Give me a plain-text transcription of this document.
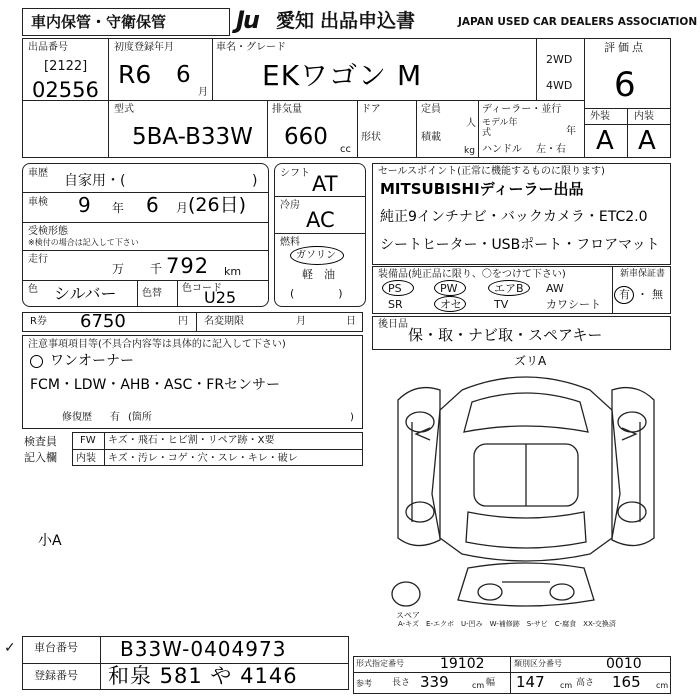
車内保管・守衛保管	Ju 愛知 出品申込書	JAPAN USED CAR DEALERS ASSOCIATION
出品番号
[2122]
02556
初度登録年月
R6 6
月
車名・グレード
EKワゴン M	2WD
4WD
評価点
6
型式
5BA-B33W
排気量
660 cc
ドア
形状
定員
人
積載
kg
ディーラー・並行
モデル年式	年
ハンドル 左・右
外装 内装
A A
車歴 自家用・(	)
車検 9 年 6 月 (26日)
受検形態
※検付の場合は記入して下さい
走行
万 千 792 km
色 シルバー	色替 色コード
U25
シフト AT
冷房
AC
燃料
ガソリン
軽　油
(　　　　)
R券 6750	円 名変期限	月	日
セールスポイント(正常に機能するものに限ります)
MITSUBISHIディーラー出品
純正9インチナビ・バックカメラ・ETC2.0
シートヒーター・USBポート・フロアマット
装備品(純正品に限り、〇をつけて下さい)	新車保証書
PS	PW	エアB AW
SR	オセ	TV	カワシート
有 ・ 無
後日品
保・取・ナビ取・スペアキー
注意事項項目等(不具合内容等は具体的に記入して下さい)
ワンオーナー
FCM・LDW・AHB・ASC・FRセンサー
修復歴 有 (箇所	)
検査員
記入欄
FW キズ・飛石・ヒビ割・リペア跡・X要
内装 キズ・汚レ・コゲ・穴・スレ・キレ・破レ
小A
ズリA
スペア
A-キズ　E-エクボ　U-凹み　W-補修跡　S-サビ　C-腐食　XX-交換済
車台番号 B33W-0404973
登録番号 和泉 581 や 4146
✓
形式指定番号	19102	類別区分番号	0010
参考 長さ 339	cm 幅 147 cm 高さ 165 cm
